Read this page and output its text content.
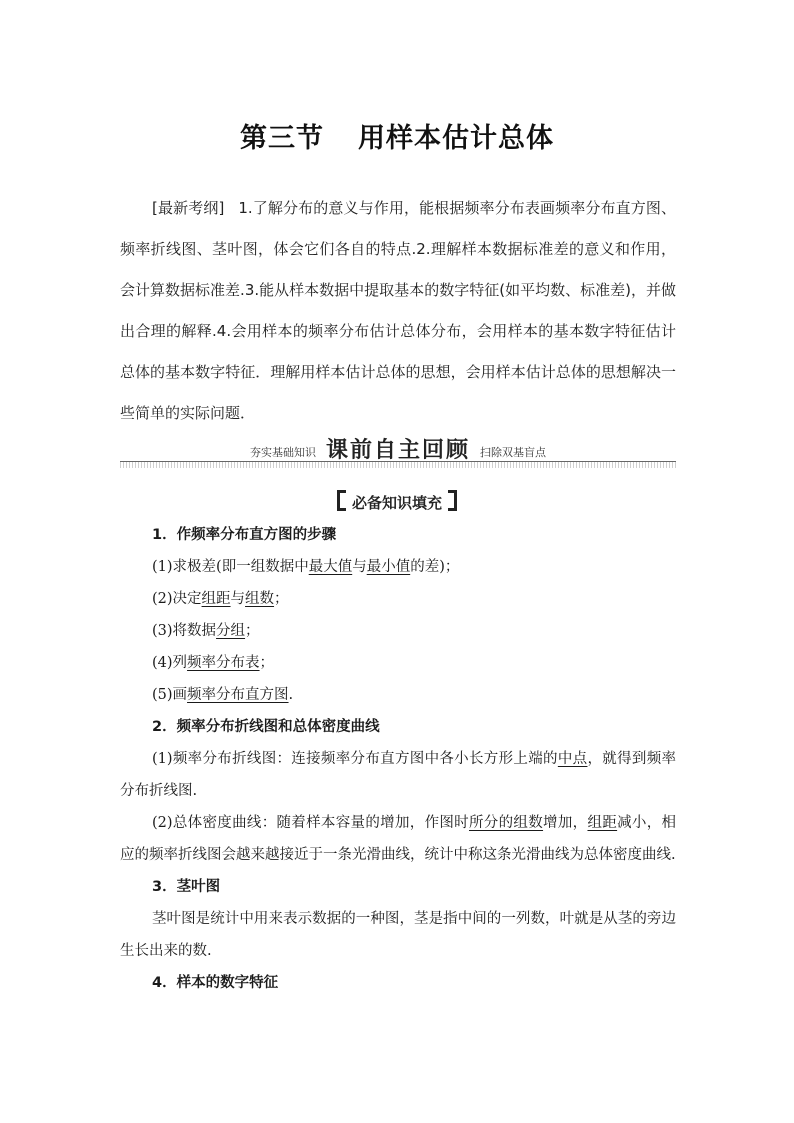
第三节 用样本估计总体
[最新考纲] 1.了解分布的意义与作用，能根据频率分布表画频率分布直方图、频率折线图、茎叶图，体会它们各自的特点.2.理解样本数据标准差的意义和作用，会计算数据标准差.3.能从样本数据中提取基本的数字特征(如平均数、标准差)，并做出合理的解释.4.会用样本的频率分布估计总体分布，会用样本的基本数字特征估计总体的基本数字特征．理解用样本估计总体的思想，会用样本估计总体的思想解决一些简单的实际问题．
夯实基础知识 课前自主回顾 扫除双基盲点
必备知识填充

1．作频率分布直方图的步骤

(1)求极差(即一组数据中最大值与最小值的差)；

(2)决定组距与组数；

(3)将数据分组；

(4)列频率分布表；

(5)画频率分布直方图.

2．频率分布折线图和总体密度曲线

(1)频率分布折线图：连接频率分布直方图中各小长方形上端的中点，就得到频率分布折线图.

(2)总体密度曲线：随着样本容量的增加，作图时所分的组数增加，组距减小，相应的频率折线图会越来越接近于一条光滑曲线，统计中称这条光滑曲线为总体密度曲线.

3．茎叶图

茎叶图是统计中用来表示数据的一种图，茎是指中间的一列数，叶就是从茎的旁边生长出来的数.

4．样本的数字特征
